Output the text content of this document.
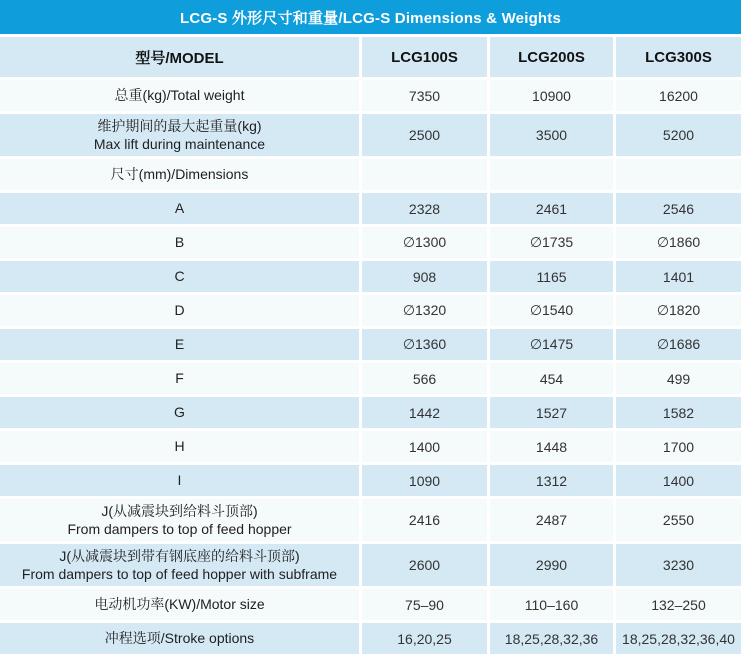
LCG-S 外形尺寸和重量/LCG-S Dimensions & Weights
型号/MODEL	LCG100S	LCG200S	LCG300S
总重(kg)/Total weight	7350	10900	16200
维护期间的最大起重量(kg)
Max lift during maintenance
2500	3500	5200
尺寸(mm)/Dimensions
A	2328	2461	2546
B	∅1300	∅1735	∅1860
C	908	1165	1401
D	∅1320	∅1540	∅1820
E	∅1360	∅1475	∅1686
F	566	454	499
G	1442	1527	1582
H	1400	1448	1700
I	1090	1312	1400
J(从减震块到给料斗顶部)
From dampers to top of feed hopper
2416	2487	2550
J(从减震块到带有钢底座的给料斗顶部)
From dampers to top of feed hopper with subframe
2600	2990	3230
电动机功率(KW)/Motor size	75–90	110–160	132–250
冲程选项/Stroke options	16,20,25	18,25,28,32,36	18,25,28,32,36,40
